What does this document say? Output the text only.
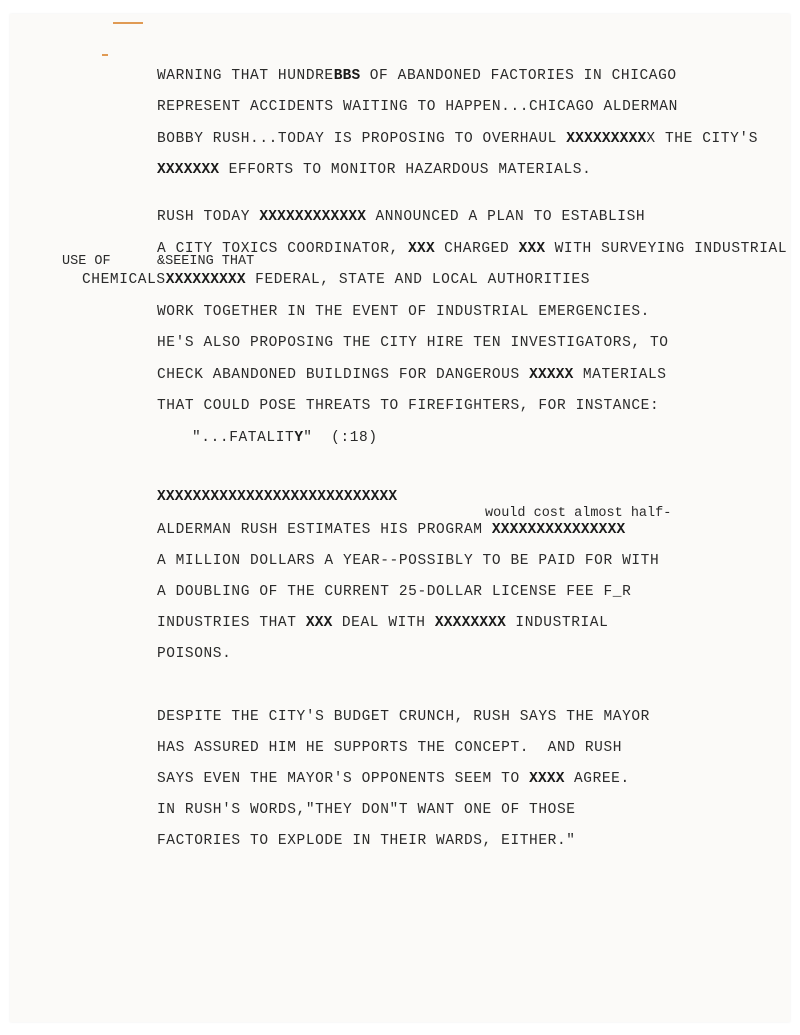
WARNING THAT HUNDREBBS OF ABANDONED FACTORIES IN CHICAGO
REPRESENT ACCIDENTS WAITING TO HAPPEN...CHICAGO ALDERMAN
BOBBY RUSH...TODAY IS PROPOSING TO OVERHAUL XXXXXXXXXX THE CITY'S
XXXXXXX EFFORTS TO MONITOR HAZARDOUS MATERIALS.
RUSH TODAY XXXXXXXXXXXX ANNOUNCED A PLAN TO ESTABLISH
A CITY TOXICS COORDINATOR, XXX CHARGED XXX WITH SURVEYING INDUSTRIAL
USE OF	&SEEING THAT
CHEMICALSXXXXXXXXX FEDERAL, STATE AND LOCAL AUTHORITIES
WORK TOGETHER IN THE EVENT OF INDUSTRIAL EMERGENCIES.
HE'S ALSO PROPOSING THE CITY HIRE TEN INVESTIGATORS, TO
CHECK ABANDONED BUILDINGS FOR DANGEROUS XXXXX MATERIALS
THAT COULD POSE THREATS TO FIREFIGHTERS, FOR INSTANCE:
"...FATALITY"  (:18)
XXXXXXXXXXXXXXXXXXXXXXXXXXX
would cost almost half-
ALDERMAN RUSH ESTIMATES HIS PROGRAM XXXXXXXXXXXXXXX
A MILLION DOLLARS A YEAR--POSSIBLY TO BE PAID FOR WITH
A DOUBLING OF THE CURRENT 25-DOLLAR LICENSE FEE F_R
INDUSTRIES THAT XXX DEAL WITH XXXXXXXX INDUSTRIAL
POISONS.
DESPITE THE CITY'S BUDGET CRUNCH, RUSH SAYS THE MAYOR
HAS ASSURED HIM HE SUPPORTS THE CONCEPT.  AND RUSH
SAYS EVEN THE MAYOR'S OPPONENTS SEEM TO XXXX AGREE.
IN RUSH'S WORDS,"THEY DON"T WANT ONE OF THOSE
FACTORIES TO EXPLODE IN THEIR WARDS, EITHER."
